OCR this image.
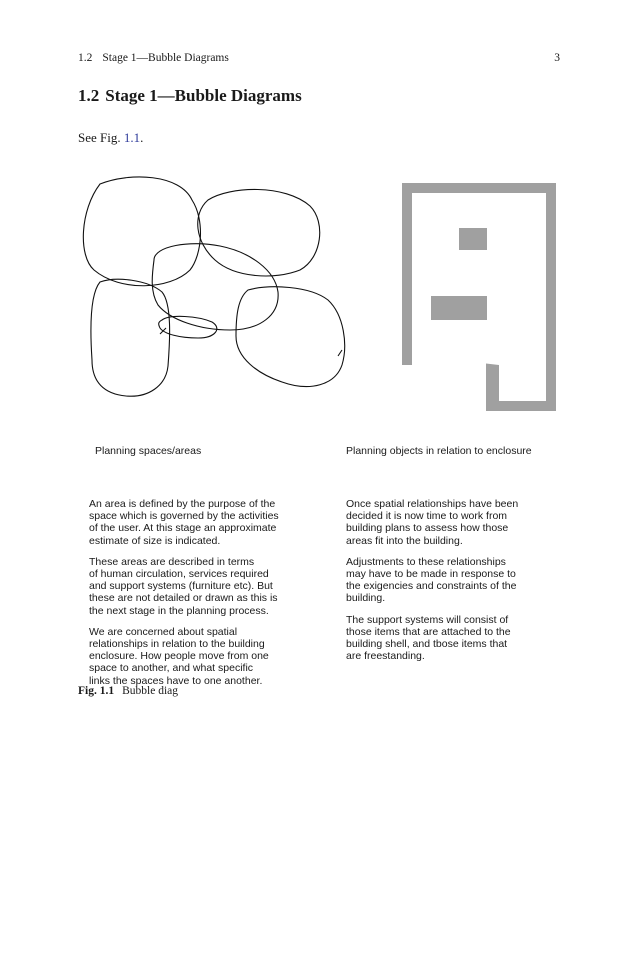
1.2 Stage 1—Bubble Diagrams	3
1.2 Stage 1—Bubble Diagrams
See Fig. 1.1.
Planning spaces/areas	Planning objects in relation to enclosure

An area is defined by the purpose of the
space which is governed by the activities
of the user. At this stage an approximate
estimate of size is indicated.

These areas are described in terms
of human circulation, services required
and support systems (furniture etc). But
these are not detailed or drawn as this is
the next stage in the planning process.

We are concerned about spatial
relationships in relation to the building
enclosure. How people move from one
space to another, and what specific
links the spaces have to one another.

Once spatial relationships have been
decided it is now time to work from
building plans to assess how those
areas fit into the building.

Adjustments to these relationships
may have to be made in response to
the exigencies and constraints of the
building.

The support systems will consist of
those items that are attached to the
building shell, and tbose items that
are freestanding.

Fig. 1.1 Bubble diag
